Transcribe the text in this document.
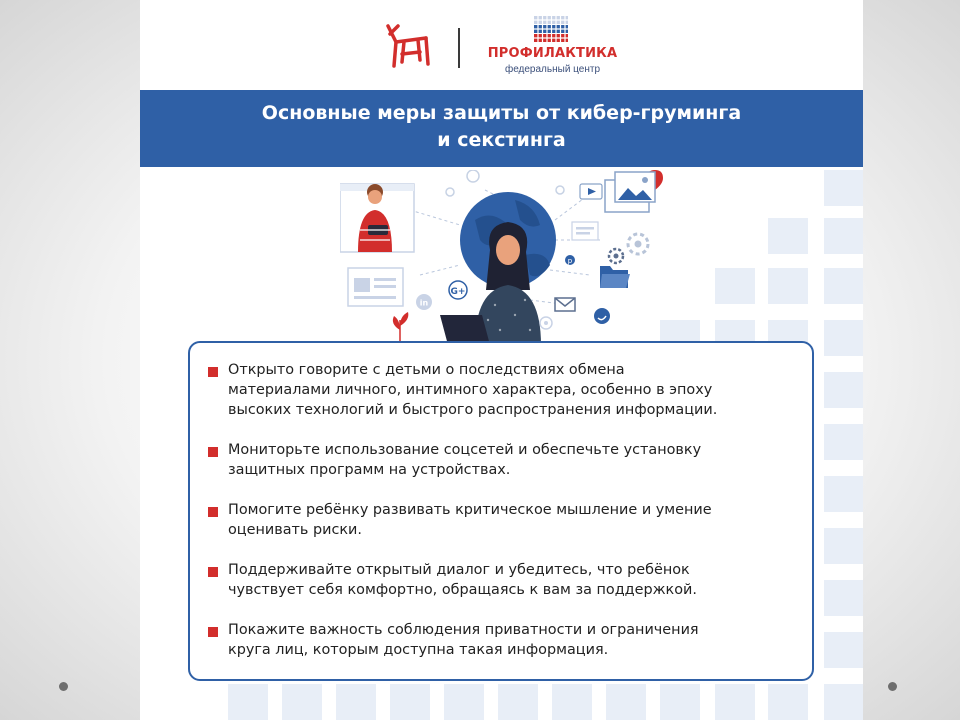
ПРОФИЛАКТИКА
федеральный центр
Основные меры защиты от кибер-груминга
и секстинга
p
G+
in
Открыто говорите с детьми о последствиях обмена
материалами личного, интимного характера, особенно в эпоху
высоких технологий и быстрого распространения информации.
Мониторьте использование соцсетей и обеспечьте установку
защитных программ на устройствах.
Помогите ребёнку развивать критическое мышление и умение
оценивать риски.
Поддерживайте открытый диалог и убедитесь, что ребёнок
чувствует себя комфортно, обращаясь к вам за поддержкой.
Покажите важность соблюдения приватности и ограничения
круга лиц, которым доступна такая информация.
